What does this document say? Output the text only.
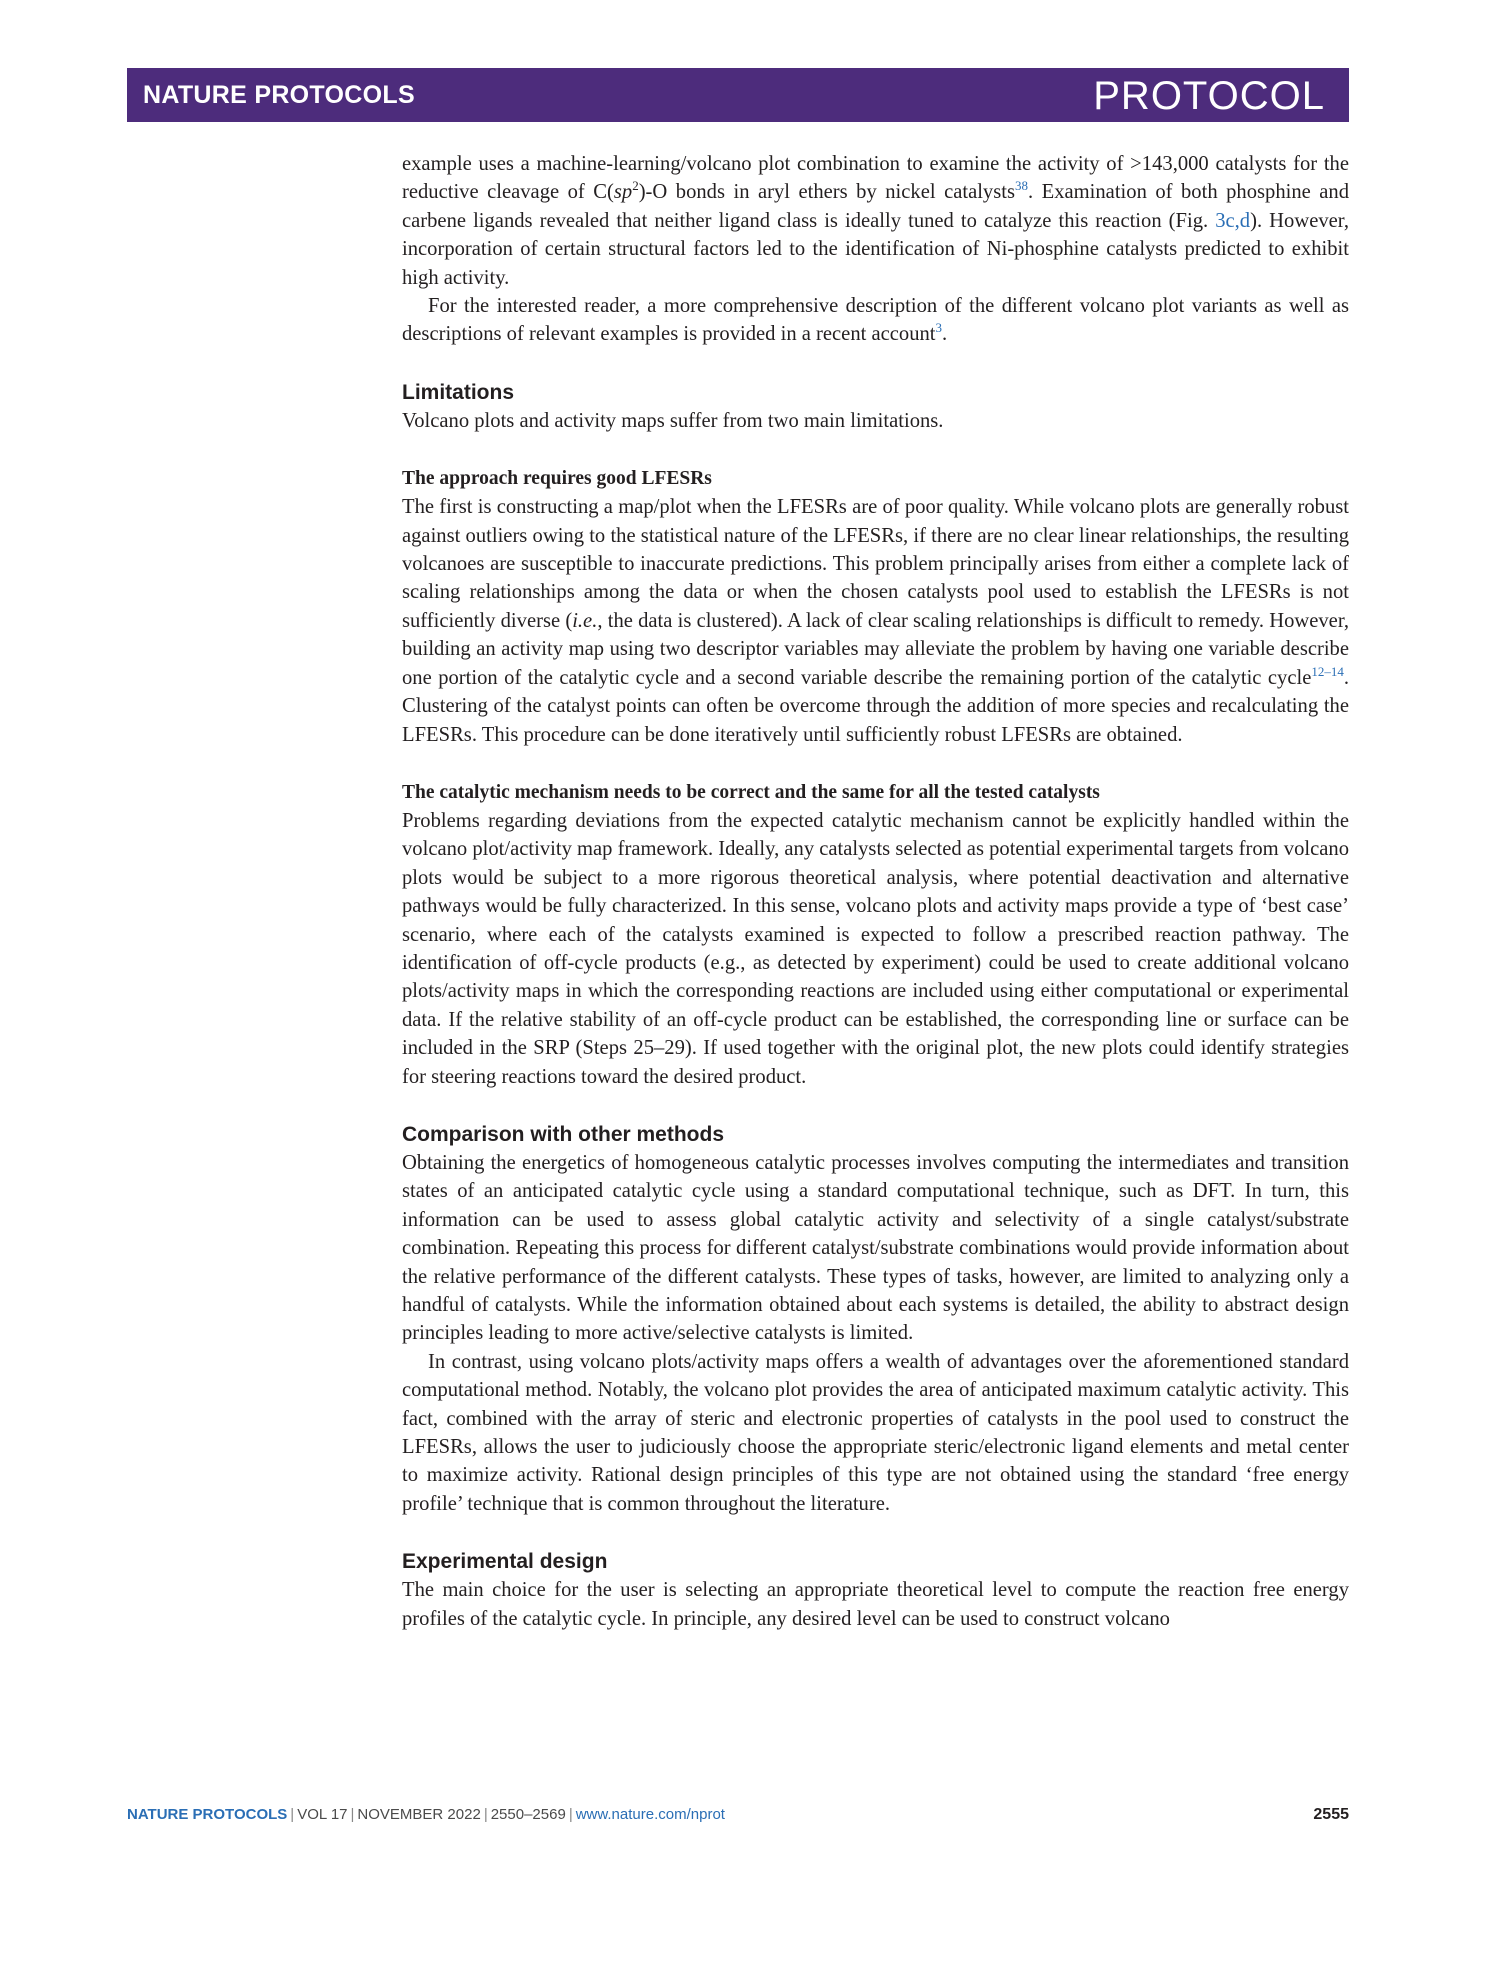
NATURE PROTOCOLS	PROTOCOL

example uses a machine-learning/volcano plot combination to examine the activity of >143,000 catalysts for the reductive cleavage of $C(sp^2)-O$ bonds in aryl ethers by nickel catalysts$^{38}$. Examination of both phosphine and carbene ligands revealed that neither ligand class is ideally tuned to catalyze this reaction (Fig. 3c,d). However, incorporation of certain structural factors led to the identification of Ni-phosphine catalysts predicted to exhibit high activity.

For the interested reader, a more comprehensive description of the different volcano plot variants as well as descriptions of relevant examples is provided in a recent account$^3$.

Limitations

Volcano plots and activity maps suffer from two main limitations.

The approach requires good LFESRs

The first is constructing a map/plot when the LFESRs are of poor quality. While volcano plots are generally robust against outliers owing to the statistical nature of the LFESRs, if there are no clear linear relationships, the resulting volcanoes are susceptible to inaccurate predictions. This problem principally arises from either a complete lack of scaling relationships among the data or when the chosen catalysts pool used to establish the LFESRs is not sufficiently diverse (i.e., the data is clustered). A lack of clear scaling relationships is difficult to remedy. However, building an activity map using two descriptor variables may alleviate the problem by having one variable describe one portion of the catalytic cycle and a second variable describe the remaining portion of the catalytic cycle$^{12-14}$. Clustering of the catalyst points can often be overcome through the addition of more species and recalculating the LFESRs. This procedure can be done iteratively until sufficiently robust LFESRs are obtained.

The catalytic mechanism needs to be correct and the same for all the tested catalysts

Problems regarding deviations from the expected catalytic mechanism cannot be explicitly handled within the volcano plot/activity map framework. Ideally, any catalysts selected as potential experimental targets from volcano plots would be subject to a more rigorous theoretical analysis, where potential deactivation and alternative pathways would be fully characterized. In this sense, volcano plots and activity maps provide a type of ‘best case’ scenario, where each of the catalysts examined is expected to follow a prescribed reaction pathway. The identification of off-cycle products (e.g., as detected by experiment) could be used to create additional volcano plots/activity maps in which the corresponding reactions are included using either computational or experimental data. If the relative stability of an off-cycle product can be established, the corresponding line or surface can be included in the SRP (Steps 25–29). If used together with the original plot, the new plots could identify strategies for steering reactions toward the desired product.

Comparison with other methods

Obtaining the energetics of homogeneous catalytic processes involves computing the intermediates and transition states of an anticipated catalytic cycle using a standard computational technique, such as DFT. In turn, this information can be used to assess global catalytic activity and selectivity of a single catalyst/substrate combination. Repeating this process for different catalyst/substrate combinations would provide information about the relative performance of the different catalysts. These types of tasks, however, are limited to analyzing only a handful of catalysts. While the information obtained about each systems is detailed, the ability to abstract design principles leading to more active/selective catalysts is limited.

In contrast, using volcano plots/activity maps offers a wealth of advantages over the aforementioned standard computational method. Notably, the volcano plot provides the area of anticipated maximum catalytic activity. This fact, combined with the array of steric and electronic properties of catalysts in the pool used to construct the LFESRs, allows the user to judiciously choose the appropriate steric/electronic ligand elements and metal center to maximize activity. Rational design principles of this type are not obtained using the standard ‘free energy profile’ technique that is common throughout the literature.

Experimental design

The main choice for the user is selecting an appropriate theoretical level to compute the reaction free energy profiles of the catalytic cycle. In principle, any desired level can be used to construct volcano

NATURE PROTOCOLS | VOL 17 | NOVEMBER 2022 | 2550–2569 | www.nature.com/nprot	2555
